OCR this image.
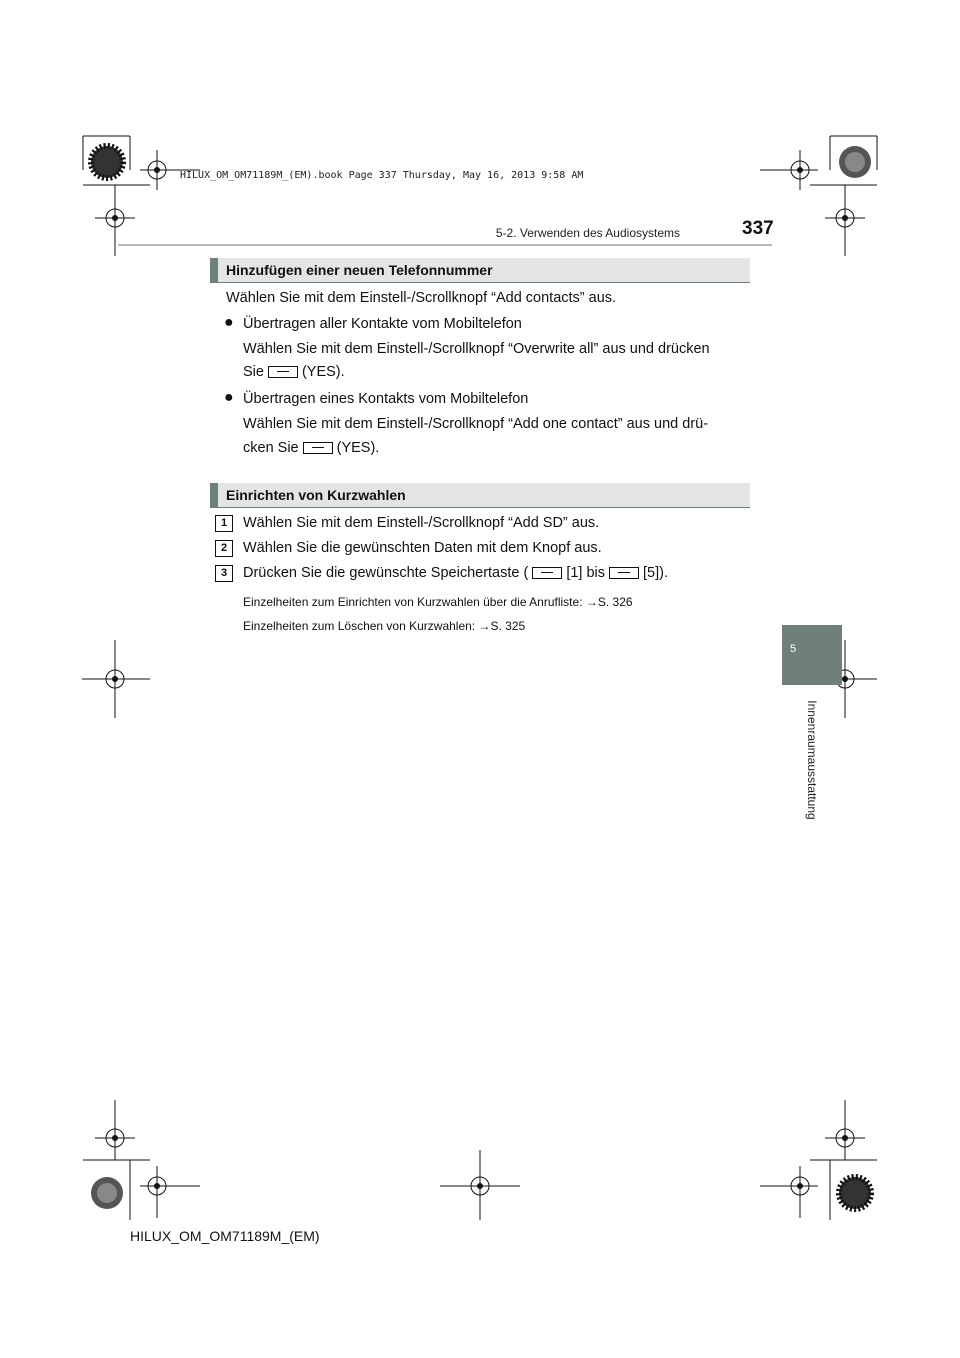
HILUX_OM_OM71189M_(EM).book Page 337 Thursday, May 16, 2013 9:58 AM
5-2. Verwenden des Audiosystems	337
5
Innenraumausstattung
Hinzufügen einer neuen Telefonnummer
Wählen Sie mit dem Einstell-/Scrollknopf “Add contacts” aus.
● Übertragen aller Kontakte vom Mobiltelefon
Wählen Sie mit dem Einstell-/Scrollknopf “Overwrite all” aus und drücken
Sie	(YES).
● Übertragen eines Kontakts vom Mobiltelefon
Wählen Sie mit dem Einstell-/Scrollknopf “Add one contact” aus und drü-
cken Sie	(YES).
Einrichten von Kurzwahlen
1	Wählen Sie mit dem Einstell-/Scrollknopf “Add SD” aus.
2	Wählen Sie die gewünschten Daten mit dem Knopf aus.
3	Drücken Sie die gewünschte Speichertaste (	[1] bis	[5]).
Einzelheiten zum Einrichten von Kurzwahlen über die Anrufliste: →S. 326
Einzelheiten zum Löschen von Kurzwahlen: →S. 325
HILUX_OM_OM71189M_(EM)
